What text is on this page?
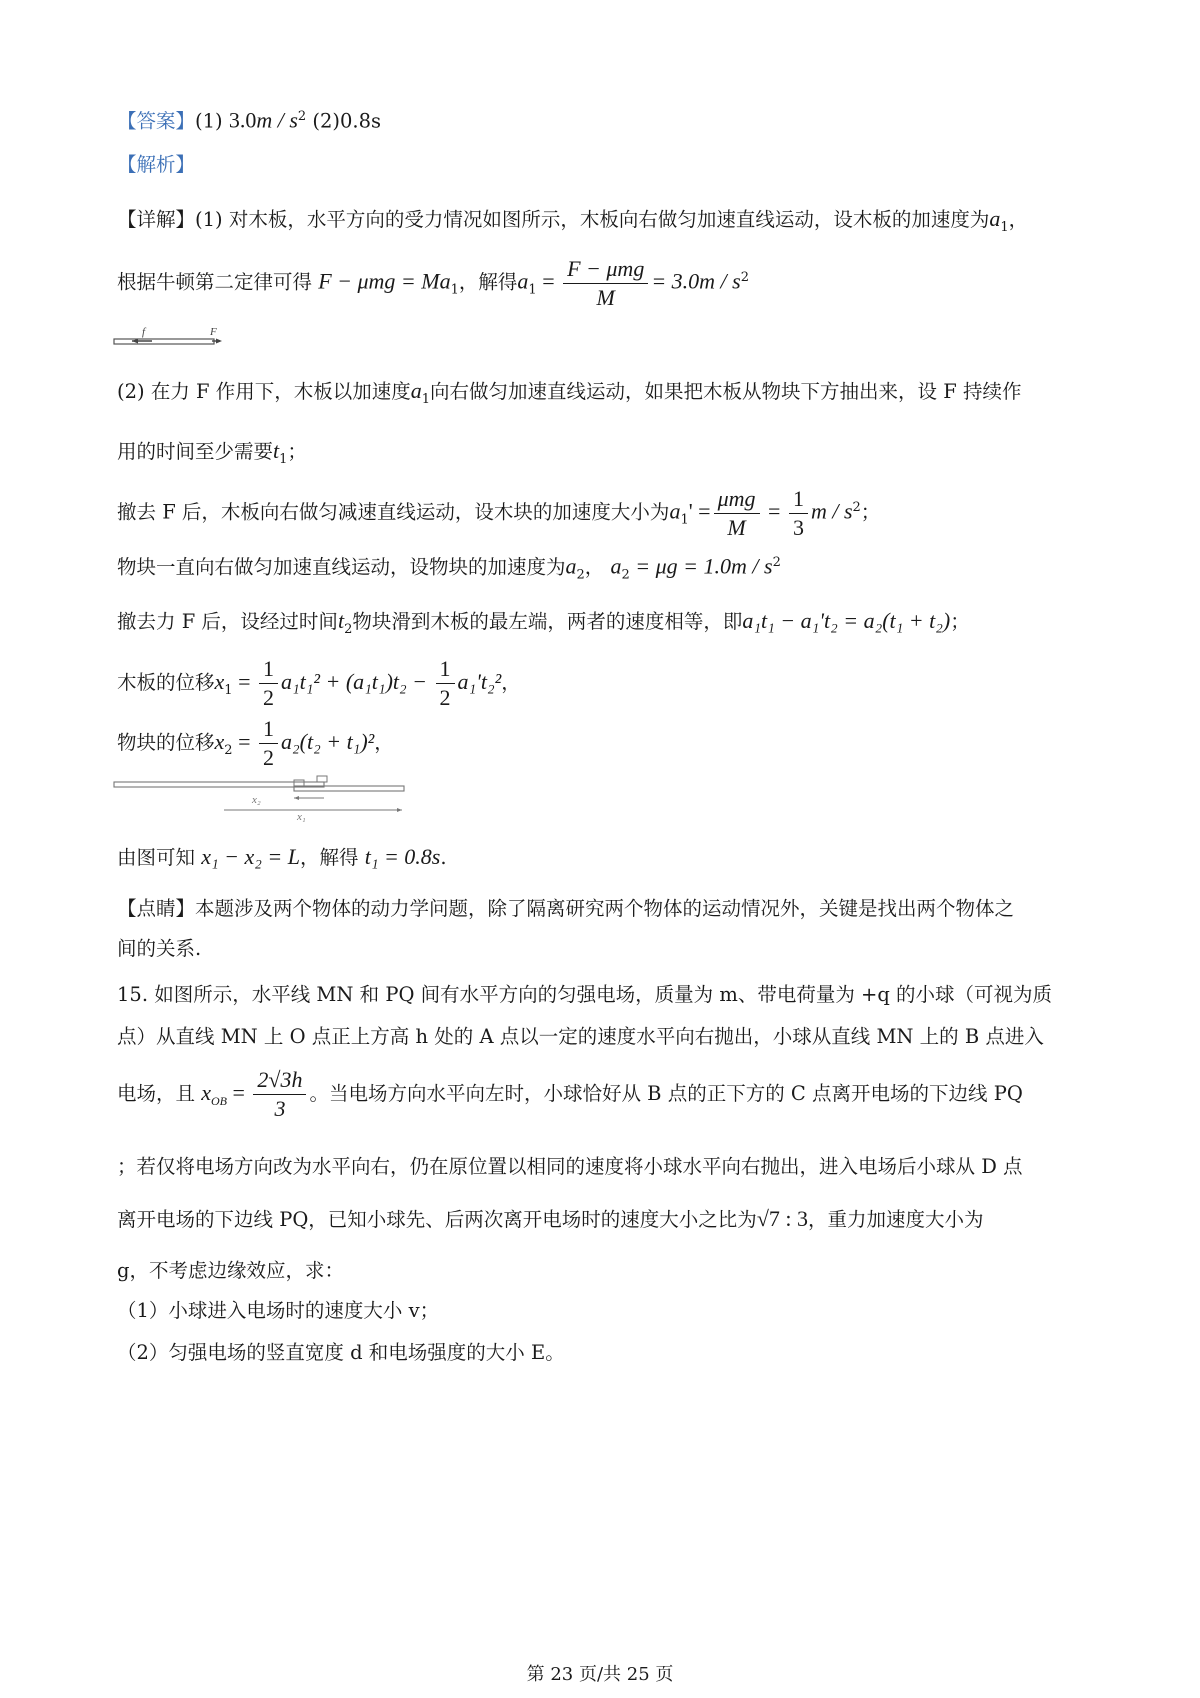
【答案】(1) $3.0m / s^2$ (2)0.8s
【解析】
【详解】(1) 对木板，水平方向的受力情况如图所示，木板向右做匀加速直线运动，设木板的加速度为$a_1$，
根据牛顿第二定律可得 $F - \mu mg = Ma_1$，解得$a_1 = \frac{\text{F − μmg}}{M} = 3.0m / s^2$
f	F
(2) 在力 F 作用下，木板以加速度$a_1$向右做匀加速直线运动，如果把木板从物块下方抽出来，设 F 持续作
用的时间至少需要$t_1$；
撤去 F 后，木板向右做匀减速直线运动，设木块的加速度大小为$a_1' = \frac{\text{μmg}}{M} = \frac{1}{3}$ m / $s^2$；
物块一直向右做匀加速直线运动，设物块的加速度为$a_2$， $a_2 = \mu g = 1.0m / s^2$
撤去力 F 后，设经过时间$t_2$物块滑到木板的最左端，两者的速度相等，即a₁t₁ − a₁'t₂ = a₂(t₁ + t₂)；
木板的位移$x_1 = \frac{1}{2} a_1t_1^2 + (a_1t_1)t_2 - \frac{1}{2} a_1't_2^2$，
物块的位移$x_2 = \frac{1}{2} a_2(t_2 + t_1)^2$，
x₂
x₁
由图可知 x₁ − x₂ = L，解得 t₁ = 0.8s.
【点睛】本题涉及两个物体的动力学问题，除了隔离研究两个物体的运动情况外，关键是找出两个物体之
间的关系.
15. 如图所示，水平线 MN 和 PQ 间有水平方向的匀强电场，质量为 m、带电荷量为 +q 的小球（可视为质
点）从直线 MN 上 O 点正上方高 h 处的 A 点以一定的速度水平向右抛出，小球从直线 MN 上的 B 点进入
电场，且 $x_{OB} = \frac{2√3h}{3}$ 。当电场方向水平向左时，小球恰好从 B 点的正下方的 C 点离开电场的下边线 PQ
；若仅将电场方向改为水平向右，仍在原位置以相同的速度将小球水平向右抛出，进入电场后小球从 D 点
离开电场的下边线 PQ，已知小球先、后两次离开电场时的速度大小之比为√7 : 3，重力加速度大小为
g，不考虑边缘效应，求：
（1）小球进入电场时的速度大小 v；
（2）匀强电场的竖直宽度 d 和电场强度的大小 E。
第 23 页/共 25 页
